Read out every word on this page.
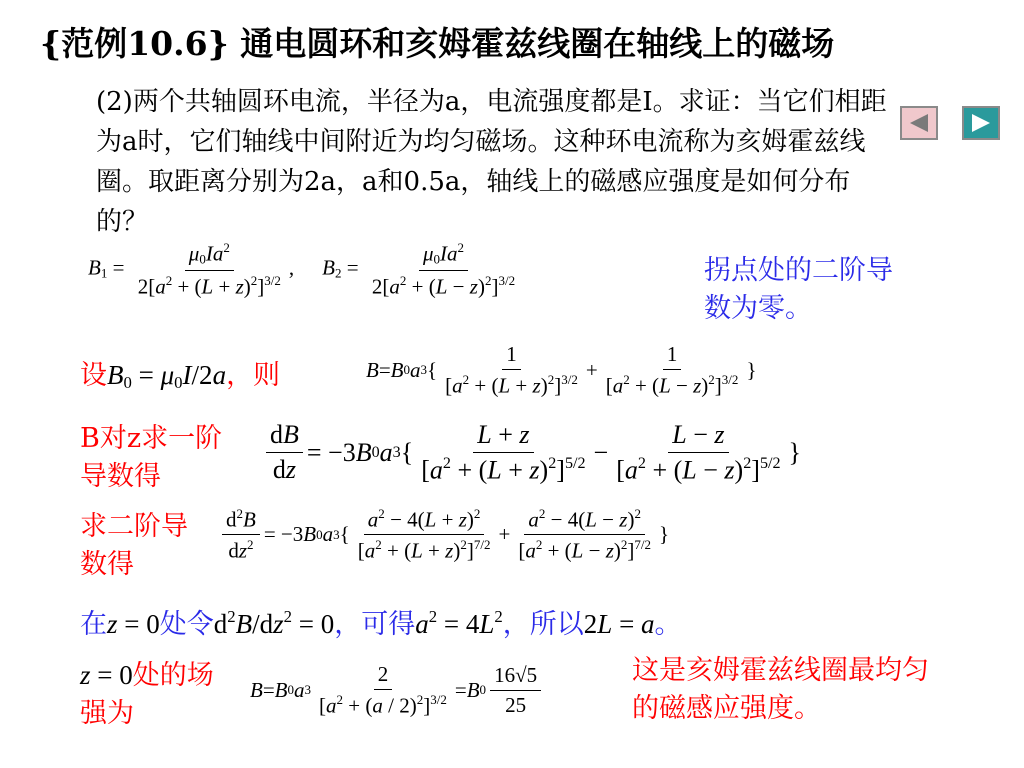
{范例10.6} 通电圆环和亥姆霍兹线圈在轴线上的磁场
(2)两个共轴圆环电流，半径为a，电流强度都是I。求证：当它们相距为a时，它们轴线中间附近为均匀磁场。这种环电流称为亥姆霍兹线圈。取距离分别为2a，a和0.5a，轴线上的磁感应强度是如何分布的？
$B_1 = \frac{\mu_0Ia^2}{2[a^2 + (L + z)^2]^{3/2}}$ , $B_2 = \frac{\mu_0Ia^2}{2[a^2 + (L - z)^2]^{3/2}}$	拐点处的二阶导数为零。
设$B_0 = \mu_0I/2a$，则	B = B 0 a 3 { $\frac{1}{[a^2 + (L + z)^2]^{3/2}} + \frac{1}{[a^2 + (L - z)^2]^{3/2}}$ }
B对z求一阶导数得	$\frac{dB}{dz} = -3$ B 0 a 3 { $\frac{L + z}{[a^2 + (L + z)^2]^{5/2}} - \frac{L - z}{[a^2 + (L - z)^2]^{5/2}}$ }
求二阶导数得
$\frac{d^2B}{dz^2} = -3$ B 0 a 3 { $\frac{a^2 - 4(L + z)^2}{[a^2 + (L + z)^2]^{7/2}} + \frac{a^2 - 4(L - z)^2}{[a^2 + (L - z)^2]^{7/2}}$ }
在z = 0处令$d^2B/dz^2 = 0$，可得$a^2 = 4L^2$，所以2L = a。
z = 0处的场强为
B = B 0 a $3 \frac{2}{[a^2 + (a / 2)^2]^{3/2}} = B$ $0 \frac{16√5}{25}$	这是亥姆霍兹线圈最均匀的磁感应强度。
